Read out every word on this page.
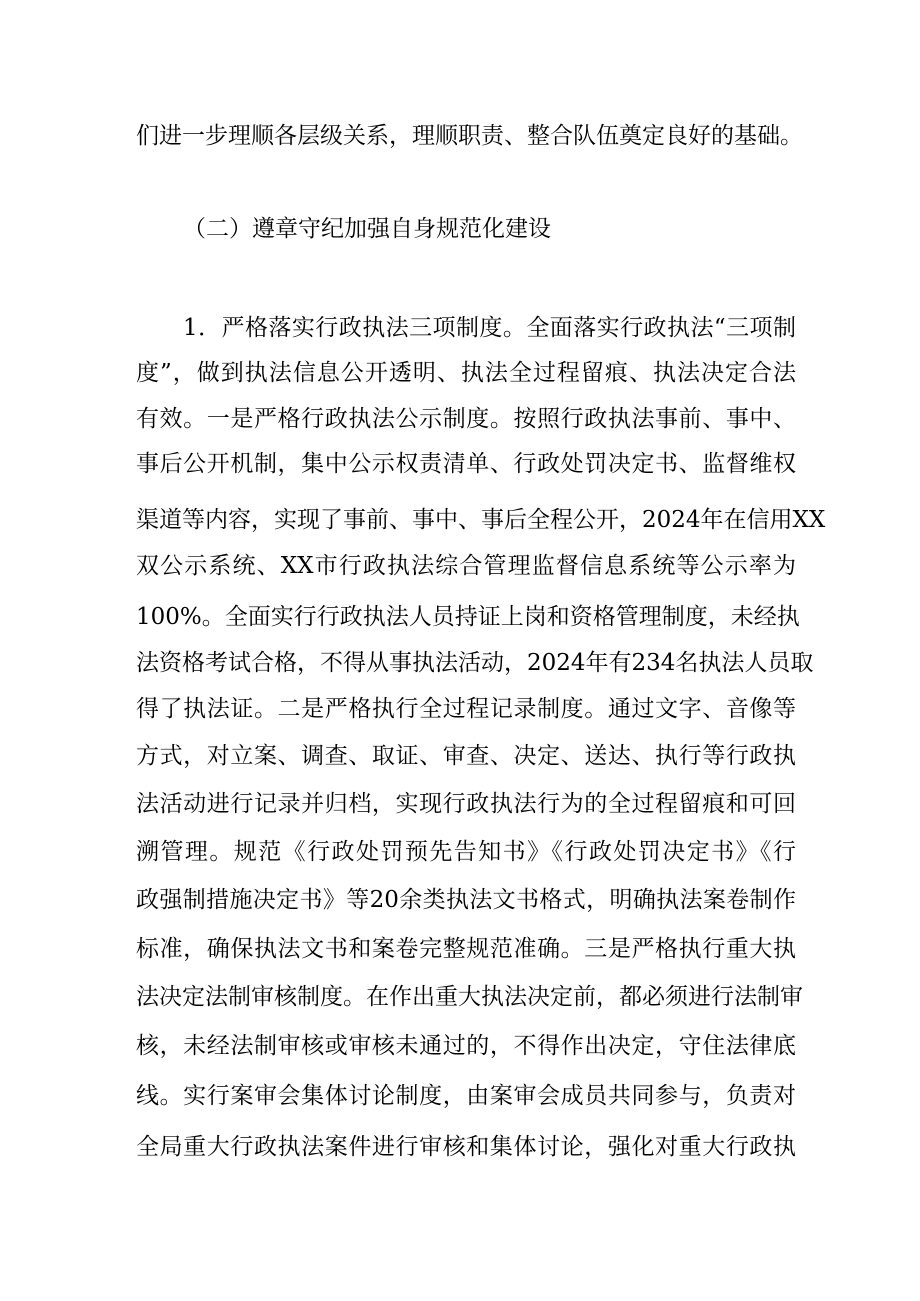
们进一步理顺各层级关系，理顺职责、整合队伍奠定良好的基础。
（二）遵章守纪加强自身规范化建设
1．严格落实行政执法三项制度。全面落实行政执法“三项制
度”，做到执法信息公开透明、执法全过程留痕、执法决定合法
有效。一是严格行政执法公示制度。按照行政执法事前、事中、
事后公开机制，集中公示权责清单、行政处罚决定书、监督维权
渠道等内容，实现了事前、事中、事后全程公开，2024年在信用XX
双公示系统、XX市行政执法综合管理监督信息系统等公示率为
100%。全面实行行政执法人员持证上岗和资格管理制度，未经执
法资格考试合格，不得从事执法活动，2024年有234名执法人员取
得了执法证。二是严格执行全过程记录制度。通过文字、音像等
方式，对立案、调查、取证、审查、决定、送达、执行等行政执
法活动进行记录并归档，实现行政执法行为的全过程留痕和可回
溯管理。规范《行政处罚预先告知书》《行政处罚决定书》《行
政强制措施决定书》等20余类执法文书格式，明确执法案卷制作
标准，确保执法文书和案卷完整规范准确。三是严格执行重大执
法决定法制审核制度。在作出重大执法决定前，都必须进行法制审
核，未经法制审核或审核未通过的，不得作出决定，守住法律底
线。实行案审会集体讨论制度，由案审会成员共同参与，负责对
全局重大行政执法案件进行审核和集体讨论，强化对重大行政执
